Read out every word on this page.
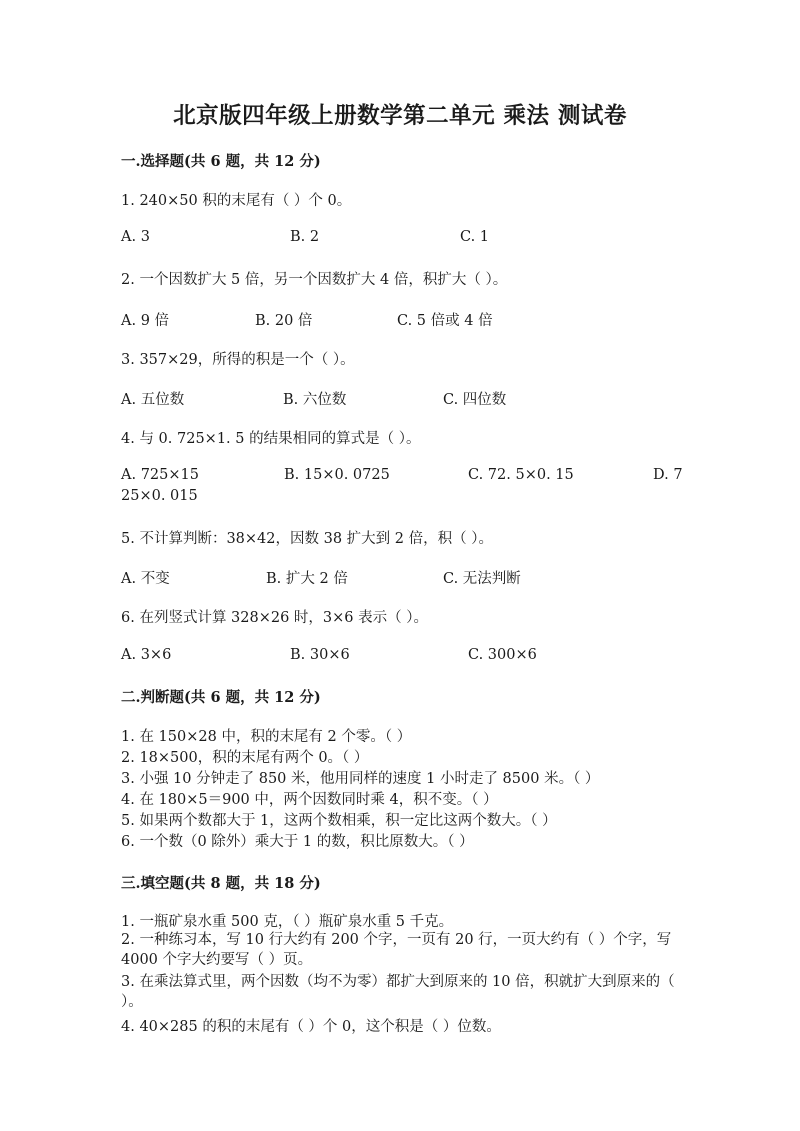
北京版四年级上册数学第二单元 乘法 测试卷
一.选择题(共 6 题，共 12 分)
1. 240×50 积的末尾有（ ）个 0。
A. 3	B. 2	C. 1
2. 一个因数扩大 5 倍，另一个因数扩大 4 倍，积扩大（ ）。
A. 9 倍	B. 20 倍	C. 5 倍或 4 倍
3. 357×29，所得的积是一个（ ）。
A. 五位数	B. 六位数	C. 四位数
4. 与 0. 725×1. 5 的结果相同的算式是（ ）。
A. 725×15	B. 15×0. 0725	C. 72. 5×0. 15	D. 7
25×0. 015
5. 不计算判断：38×42，因数 38 扩大到 2 倍，积（ ）。
A. 不变	B. 扩大 2 倍	C. 无法判断
6. 在列竖式计算 328×26 时，3×6 表示（ ）。
A. 3×6	B. 30×6	C. 300×6
二.判断题(共 6 题，共 12 分)
1. 在 150×28 中，积的末尾有 2 个零。（ ）
2. 18×500，积的末尾有两个 0。（ ）
3. 小强 10 分钟走了 850 米，他用同样的速度 1 小时走了 8500 米。（ ）
4. 在 180×5＝900 中，两个因数同时乘 4，积不变。（ ）
5. 如果两个数都大于 1，这两个数相乘，积一定比这两个数大。（ ）
6. 一个数（0 除外）乘大于 1 的数，积比原数大。（ ）
三.填空题(共 8 题，共 18 分)
1. 一瓶矿泉水重 500 克，（ ）瓶矿泉水重 5 千克。
2. 一种练习本，写 10 行大约有 200 个字，一页有 20 行，一页大约有（ ）个字，写 4000 个字大约要写（ ）页。
3. 在乘法算式里，两个因数（均不为零）都扩大到原来的 10 倍，积就扩大到原来的（ ）。
4. 40×285 的积的末尾有（ ）个 0，这个积是（ ）位数。
